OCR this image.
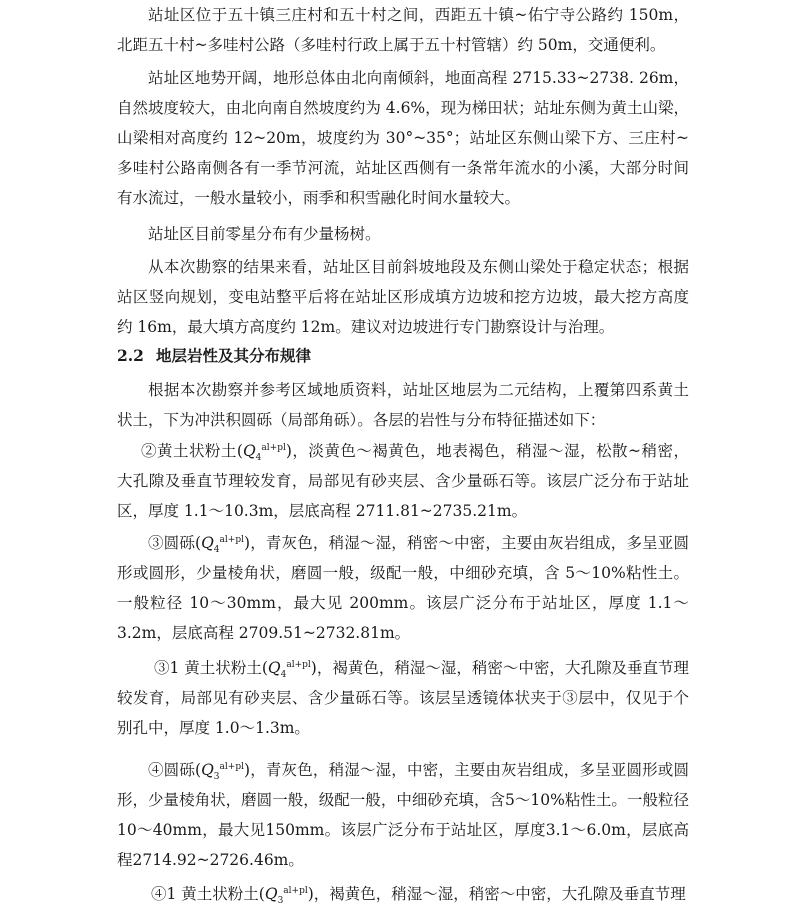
站址区位于五十镇三庄村和五十村之间，西距五十镇~佑宁寺公路约 150m，北距五十村~多哇村公路（多哇村行政上属于五十村管辖）约 50m，交通便利。

站址区地势开阔，地形总体由北向南倾斜，地面高程 2715.33~2738. 26m，自然坡度较大，由北向南自然坡度约为 4.6%，现为梯田状；站址东侧为黄土山梁，山梁相对高度约 12~20m，坡度约为 30°~35°；站址区东侧山梁下方、三庄村~多哇村公路南侧各有一季节河流，站址区西侧有一条常年流水的小溪，大部分时间有水流过，一般水量较小，雨季和积雪融化时间水量较大。

站址区目前零星分布有少量杨树。

从本次勘察的结果来看，站址区目前斜坡地段及东侧山梁处于稳定状态；根据站区竖向规划，变电站整平后将在站址区形成填方边坡和挖方边坡，最大挖方高度约 16m，最大填方高度约 12m。建议对边坡进行专门勘察设计与治理。

2.2 地层岩性及其分布规律

根据本次勘察并参考区域地质资料，站址区地层为二元结构，上覆第四系黄土状土，下为冲洪积圆砾（局部角砾）。各层的岩性与分布特征描述如下：

②黄土状粉土$(Q_4^{al+pl})$，淡黄色～褐黄色，地表褐色，稍湿～湿，松散~稍密，大孔隙及垂直节理较发育，局部见有砂夹层、含少量砾石等。该层广泛分布于站址区，厚度 1.1～10.3m，层底高程 2711.81~2735.21m。

③圆砾$(Q_4^{al+pl})$，青灰色，稍湿～湿，稍密～中密，主要由灰岩组成，多呈亚圆形或圆形，少量棱角状，磨圆一般，级配一般，中细砂充填，含 5～10%粘性土。一般粒径 10～30mm，最大见 200mm。该层广泛分布于站址区，厚度 1.1～3.2m，层底高程 2709.51~2732.81m。

③1 黄土状粉土$(Q_4^{al+pl})$，褐黄色，稍湿～湿，稍密～中密，大孔隙及垂直节理较发育，局部见有砂夹层、含少量砾石等。该层呈透镜体状夹于③层中，仅见于个别孔中，厚度 1.0～1.3m。

④圆砾$(Q_3^{al+pl})$，青灰色，稍湿～湿，中密，主要由灰岩组成，多呈亚圆形或圆形，少量棱角状，磨圆一般，级配一般，中细砂充填，含5～10%粘性土。一般粒径10～40mm，最大见150mm。该层广泛分布于站址区，厚度3.1～6.0m，层底高程2714.92~2726.46m。

④1 黄土状粉土$(Q_3^{al+pl})$，褐黄色，稍湿～湿，稍密～中密，大孔隙及垂直节理
